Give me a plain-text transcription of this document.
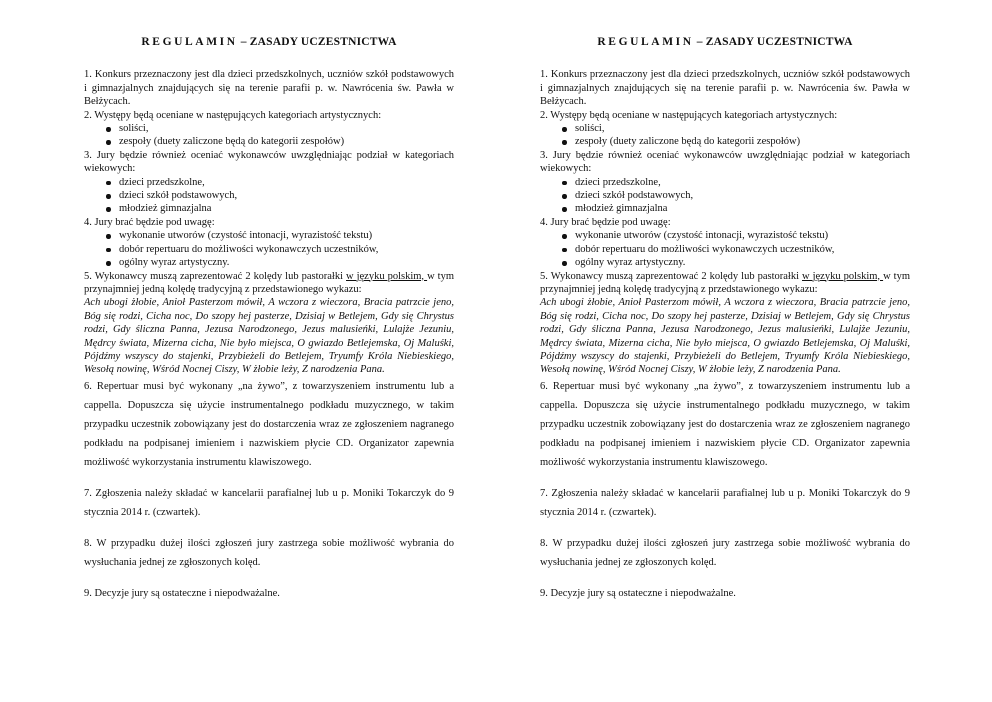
REGULAMIN – ZASADY UCZESTNICTWA

1. Konkurs przeznaczony jest dla dzieci przedszkolnych, uczniów szkół podstawowych i gimnazjalnych znajdujących się na terenie parafii p. w. Nawrócenia św. Pawła w Bełżycach.

2. Występy będą oceniane w następujących kategoriach artystycznych:

soliści,
zespoły (duety zaliczone będą do kategorii zespołów)

3. Jury będzie również oceniać wykonawców uwzględniając podział w kategoriach wiekowych:

dzieci przedszkolne,
dzieci szkół podstawowych,
młodzież gimnazjalna

4. Jury brać będzie pod uwagę:

wykonanie utworów (czystość intonacji, wyrazistość tekstu)
dobór repertuaru do możliwości wykonawczych uczestników,
ogólny wyraz artystyczny.

5. Wykonawcy muszą zaprezentować 2 kolędy lub pastorałki w języku polskim, w tym przynajmniej jedną kolędę tradycyjną z przedstawionego wykazu:

Ach ubogi żłobie, Anioł Pasterzom mówił, A wczora z wieczora, Bracia patrzcie jeno, Bóg się rodzi, Cicha noc, Do szopy hej pasterze, Dzisiaj w Betlejem, Gdy się Chrystus rodzi, Gdy śliczna Panna, Jezusa Narodzonego, Jezus malusieńki, Lulajże Jezuniu, Mędrcy świata, Mizerna cicha, Nie było miejsca, O gwiazdo Betlejemska, Oj Maluśki, Pójdźmy wszyscy do stajenki, Przybieżeli do Betlejem, Tryumfy Króla Niebieskiego, Wesołą nowinę, Wśród Nocnej Ciszy, W żłobie leży, Z narodzenia Pana.

6. Repertuar musi być wykonany „na żywo”, z towarzyszeniem instrumentu lub a cappella. Dopuszcza się użycie instrumentalnego podkładu muzycznego, w takim przypadku uczestnik zobowiązany jest do dostarczenia wraz ze zgłoszeniem nagranego podkładu na podpisanej imieniem i nazwiskiem płycie CD. Organizator zapewnia możliwość wykorzystania instrumentu klawiszowego.

7. Zgłoszenia należy składać w kancelarii parafialnej lub u p. Moniki Tokarczyk do 9 stycznia 2014 r. (czwartek).

8. W przypadku dużej ilości zgłoszeń jury zastrzega sobie możliwość wybrania do wysłuchania jednej ze zgłoszonych kolęd.

9. Decyzje jury są ostateczne i niepodważalne.

REGULAMIN – ZASADY UCZESTNICTWA

1. Konkurs przeznaczony jest dla dzieci przedszkolnych, uczniów szkół podstawowych i gimnazjalnych znajdujących się na terenie parafii p. w. Nawrócenia św. Pawła w Bełżycach.

2. Występy będą oceniane w następujących kategoriach artystycznych:

soliści,
zespoły (duety zaliczone będą do kategorii zespołów)

3. Jury będzie również oceniać wykonawców uwzględniając podział w kategoriach wiekowych:

dzieci przedszkolne,
dzieci szkół podstawowych,
młodzież gimnazjalna

4. Jury brać będzie pod uwagę:

wykonanie utworów (czystość intonacji, wyrazistość tekstu)
dobór repertuaru do możliwości wykonawczych uczestników,
ogólny wyraz artystyczny.

5. Wykonawcy muszą zaprezentować 2 kolędy lub pastorałki w języku polskim, w tym przynajmniej jedną kolędę tradycyjną z przedstawionego wykazu:

Ach ubogi żłobie, Anioł Pasterzom mówił, A wczora z wieczora, Bracia patrzcie jeno, Bóg się rodzi, Cicha noc, Do szopy hej pasterze, Dzisiaj w Betlejem, Gdy się Chrystus rodzi, Gdy śliczna Panna, Jezusa Narodzonego, Jezus malusieńki, Lulajże Jezuniu, Mędrcy świata, Mizerna cicha, Nie było miejsca, O gwiazdo Betlejemska, Oj Maluśki, Pójdźmy wszyscy do stajenki, Przybieżeli do Betlejem, Tryumfy Króla Niebieskiego, Wesołą nowinę, Wśród Nocnej Ciszy, W żłobie leży, Z narodzenia Pana.

6. Repertuar musi być wykonany „na żywo”, z towarzyszeniem instrumentu lub a cappella. Dopuszcza się użycie instrumentalnego podkładu muzycznego, w takim przypadku uczestnik zobowiązany jest do dostarczenia wraz ze zgłoszeniem nagranego podkładu na podpisanej imieniem i nazwiskiem płycie CD. Organizator zapewnia możliwość wykorzystania instrumentu klawiszowego.

7. Zgłoszenia należy składać w kancelarii parafialnej lub u p. Moniki Tokarczyk do 9 stycznia 2014 r. (czwartek).

8. W przypadku dużej ilości zgłoszeń jury zastrzega sobie możliwość wybrania do wysłuchania jednej ze zgłoszonych kolęd.

9. Decyzje jury są ostateczne i niepodważalne.
